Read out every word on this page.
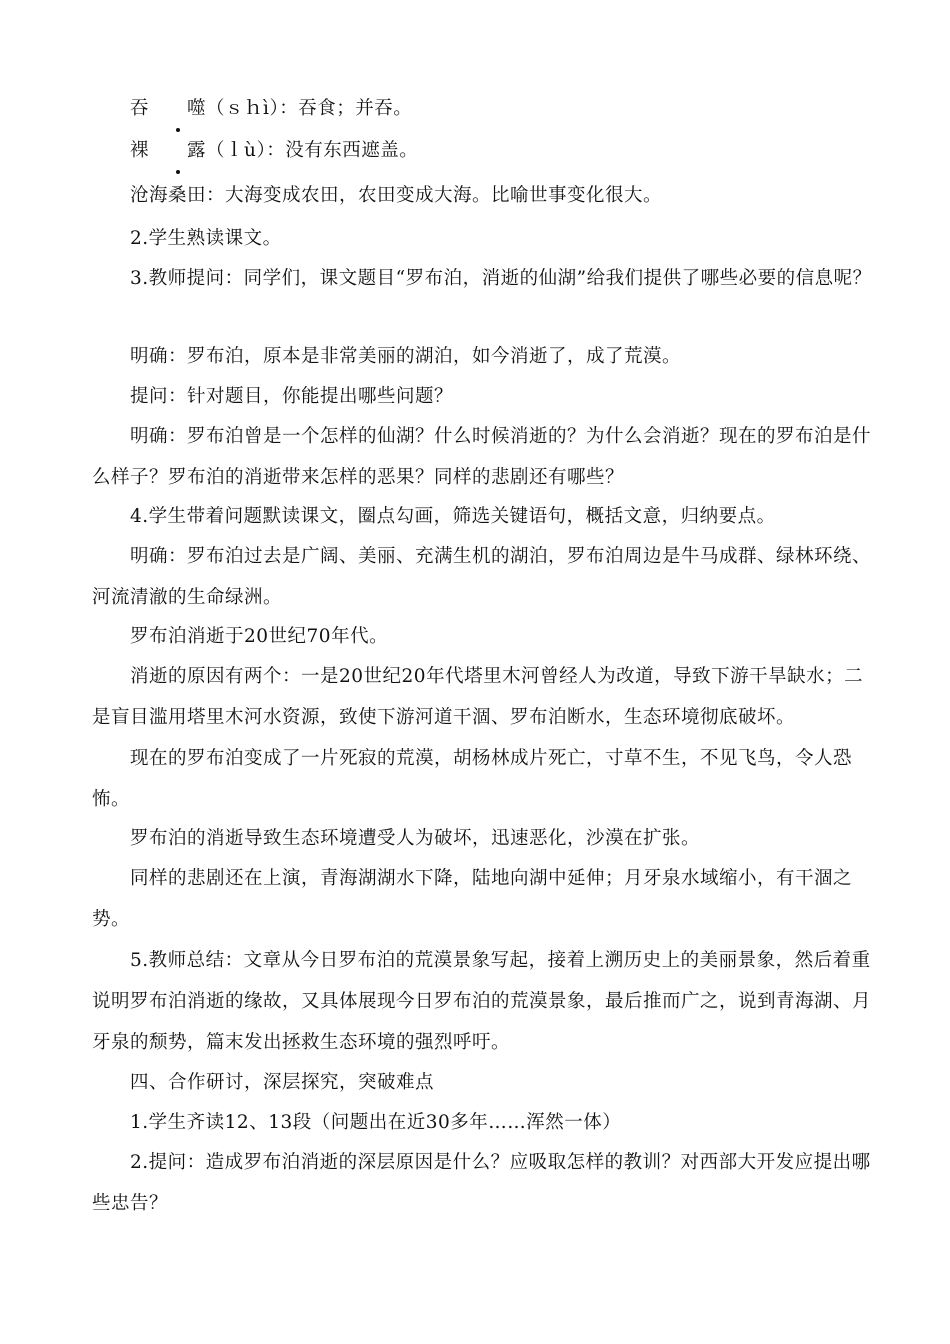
吞 噬（ｓｈì）：吞食；并吞。
裸 露（ｌù）：没有东西遮盖。
沧海桑田：大海变成农田，农田变成大海。比喻世事变化很大。
2.学生熟读课文。
3.教师提问：同学们，课文题目“罗布泊，消逝的仙湖”给我们提供了哪些必要的信息呢？
明确：罗布泊，原本是非常美丽的湖泊，如今消逝了，成了荒漠。
提问：针对题目，你能提出哪些问题？
明确：罗布泊曾是一个怎样的仙湖？什么时候消逝的？为什么会消逝？现在的罗布泊是什么样子？罗布泊的消逝带来怎样的恶果？同样的悲剧还有哪些？
4.学生带着问题默读课文，圈点勾画，筛选关键语句，概括文意，归纳要点。
明确：罗布泊过去是广阔、美丽、充满生机的湖泊，罗布泊周边是牛马成群、绿林环绕、河流清澈的生命绿洲。
罗布泊消逝于20世纪70年代。
消逝的原因有两个：一是20世纪20年代塔里木河曾经人为改道，导致下游干旱缺水；二是盲目滥用塔里木河水资源，致使下游河道干涸、罗布泊断水，生态环境彻底破坏。
现在的罗布泊变成了一片死寂的荒漠，胡杨林成片死亡，寸草不生，不见飞鸟，令人恐怖。
罗布泊的消逝导致生态环境遭受人为破坏，迅速恶化，沙漠在扩张。
同样的悲剧还在上演，青海湖湖水下降，陆地向湖中延伸；月牙泉水域缩小，有干涸之势。
5.教师总结：文章从今日罗布泊的荒漠景象写起，接着上溯历史上的美丽景象，然后着重说明罗布泊消逝的缘故，又具体展现今日罗布泊的荒漠景象，最后推而广之，说到青海湖、月牙泉的颓势，篇末发出拯救生态环境的强烈呼吁。
四、合作研讨，深层探究，突破难点
1.学生齐读12、13段（问题出在近30多年……浑然一体）
2.提问：造成罗布泊消逝的深层原因是什么？应吸取怎样的教训？对西部大开发应提出哪些忠告？
